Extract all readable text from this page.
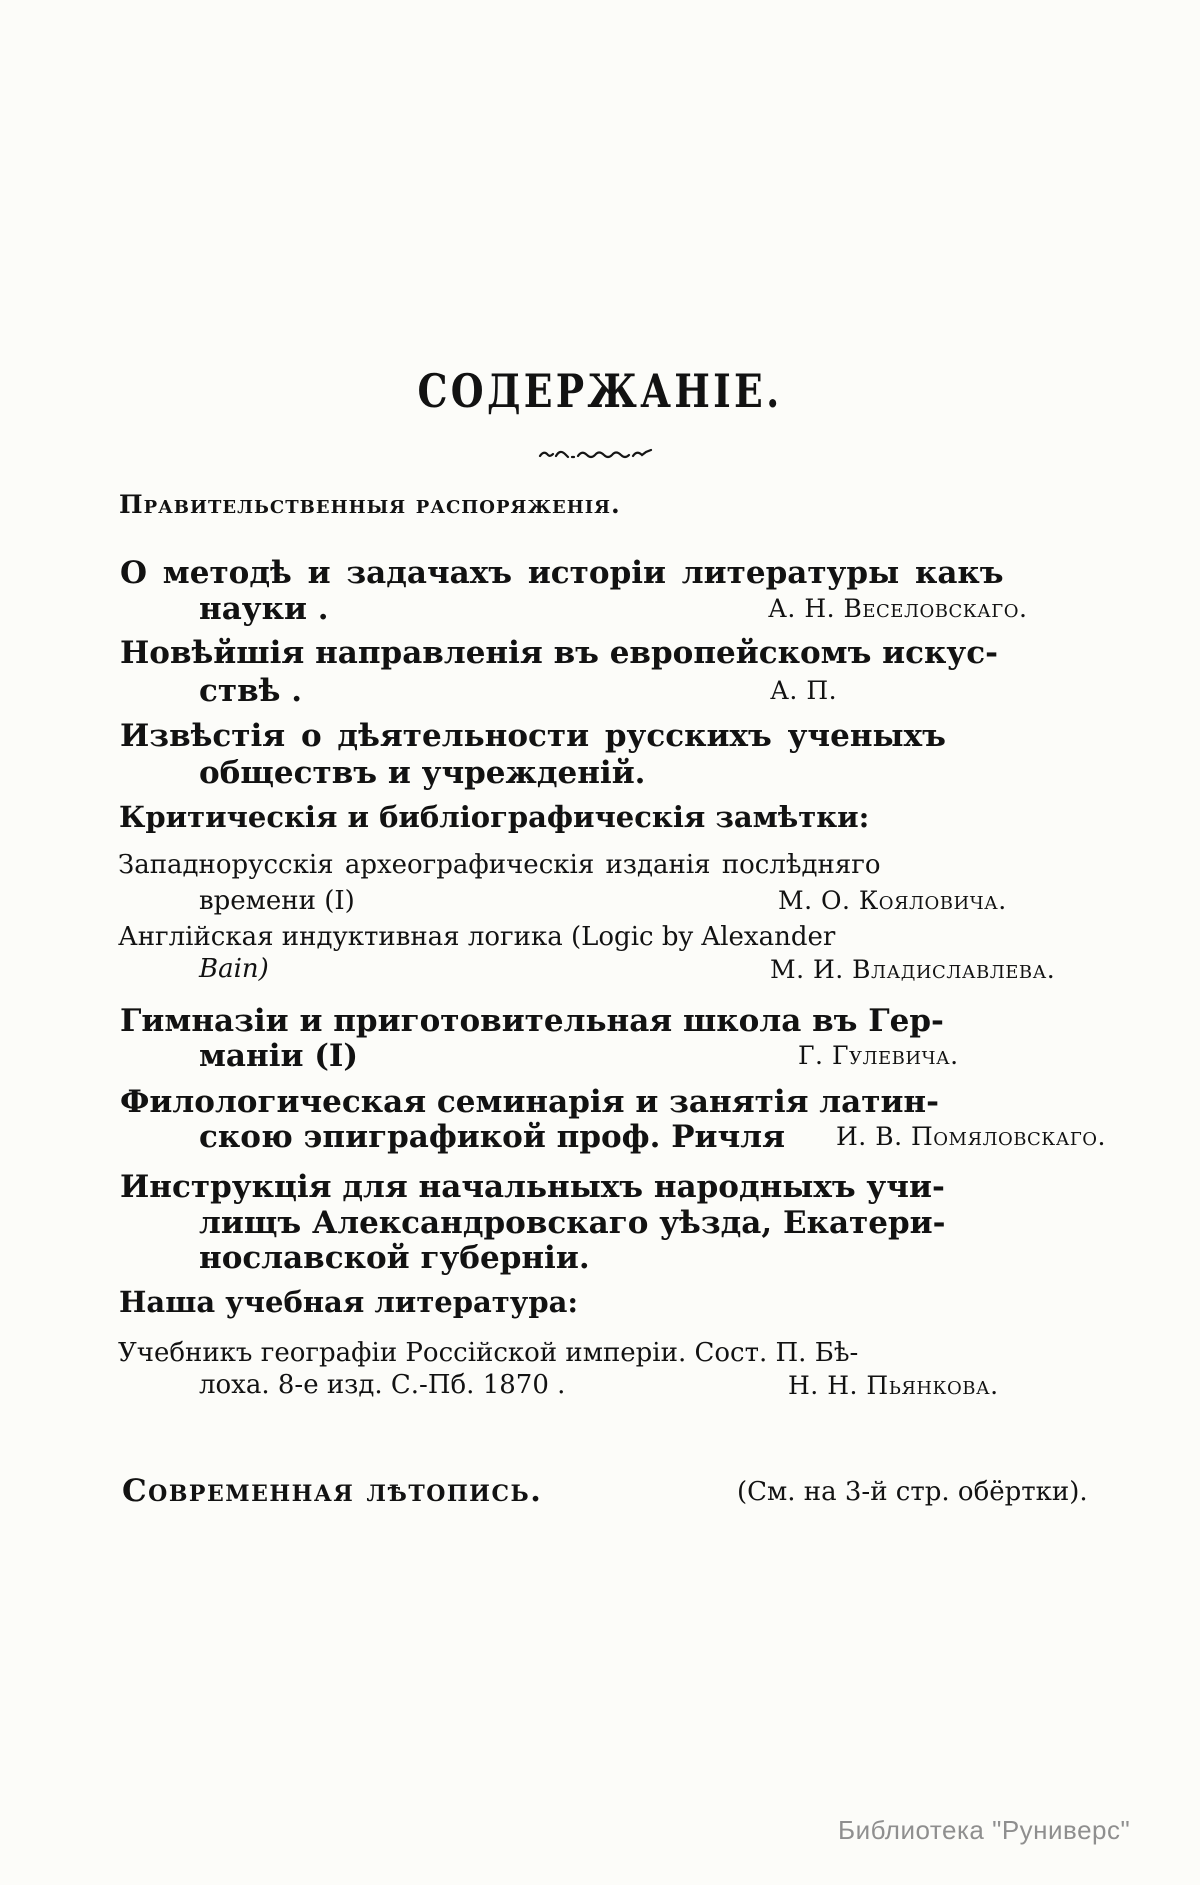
СОДЕРЖАНІЕ.
Правительственныя распоряженія.
О методѣ и задачахъ исторіи литературы какъ
науки .	А. Н. Веселовскаго.
Новѣйшія направленія въ европейскомъ искус-
ствѣ .	А. П.
Извѣстія о дѣятельности русскихъ ученыхъ
обществъ и учрежденій.
Критическія и библіографическія замѣтки:
Западнорусскія археографическія изданія послѣдняго
времени (I)	М. О. Кояловича.
Англійская индуктивная логика (Logic by Alexander
Bain)	М. И. Владиславлева.
Гимназіи и приготовительная школа въ Гер-
маніи (I)	Г. Гулевича.
Филологическая семинарія и занятія латин-
скою эпиграфикой проф. Ричля И. В. Помяловскаго.
Инструкція для начальныхъ народныхъ учи-
лищъ Александровскаго уѣзда, Екатери-
нославской губерніи.
Наша учебная литература:
Учебникъ географіи Россійской имперіи. Сост. П. Бѣ-
лоха. 8-е изд. С.-Пб. 1870 .	Н. Н. Пьянкова.
Современная лѣтопись.	(См. на 3-й стр. обёртки).
Библиотека "Руниверс"
